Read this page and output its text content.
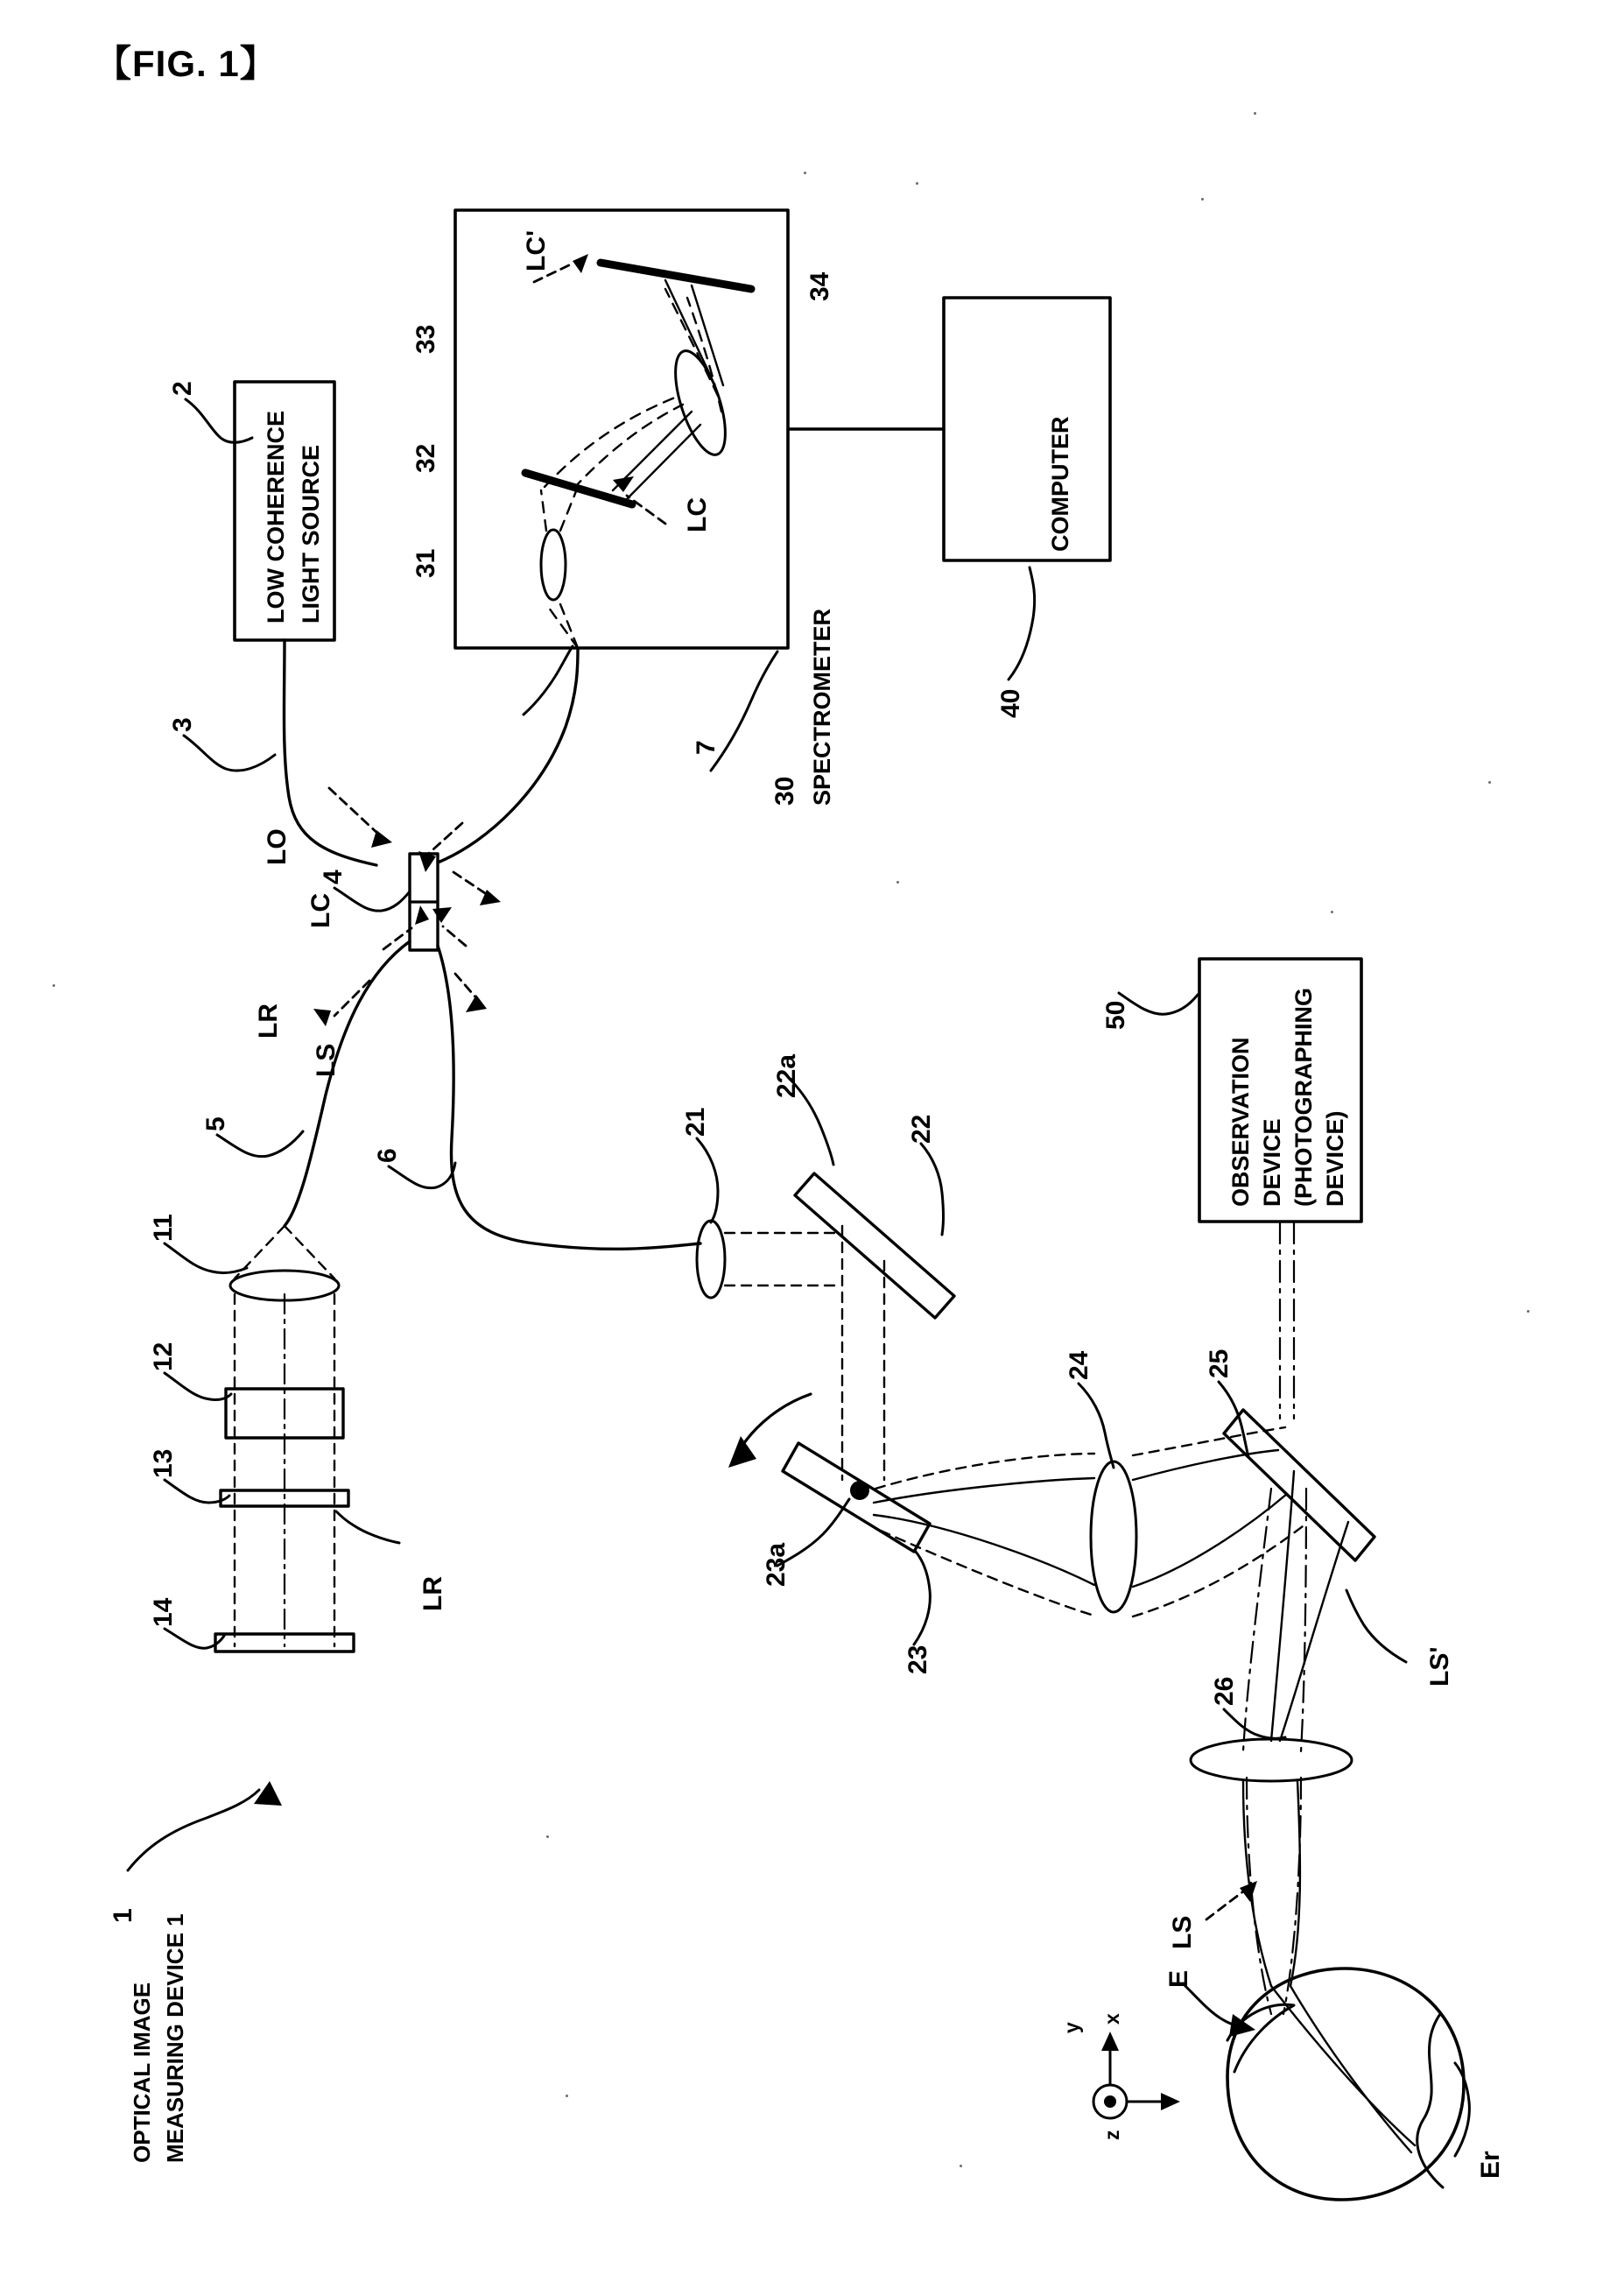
【FIG. 1】
OPTICAL IMAGE MEASURING DEVICE 1
1
LOW COHERENCE LIGHT SOURCE
2
SPECTROMETER
30
COMPUTER
40
OBSERVATION DEVICE (PHOTOGRAPHING DEVICE)
50
3
4
5
6
7
11
12
13
14
21
22a
22
23
23a
24	25
26
31
32
33
34
LO
LC
LR
LS
LR
LC'
LC
LS'
LS
E
Er
x
y
z
